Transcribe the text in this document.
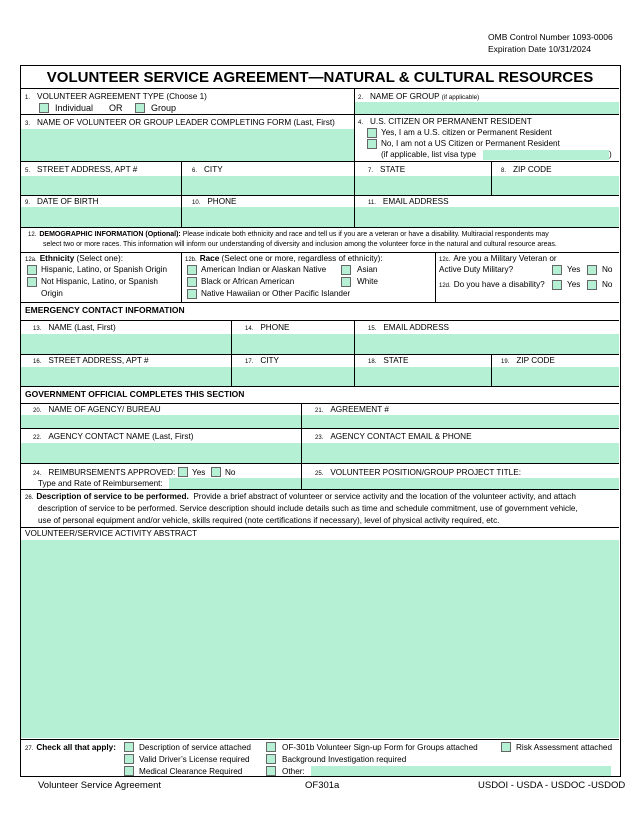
OMB Control Number 1093-0006
Expiration Date 10/31/2024
VOLUNTEER SERVICE AGREEMENT—NATURAL & CULTURAL RESOURCES
1. VOLUNTEER AGREEMENT TYPE (Choose 1)
Individual OR	Group
2. NAME OF GROUP (if applicable)
3. NAME OF VOLUNTEER OR GROUP LEADER COMPLETING FORM (Last, First)	4. U.S. CITIZEN OR PERMANENT RESIDENT
Yes, I am a U.S. citizen or Permanent Resident
No, I am not a US Citizen or Permanent Resident
(if applicable, list visa type	)
5. STREET ADDRESS, APT #	6. CITY	7. STATE	8. ZIP CODE
9. DATE OF BIRTH	10. PHONE	11. EMAIL ADDRESS
12. DEMOGRAPHIC INFORMATION (Optional): Please indicate both ethnicity and race and tell us if you are a veteran or have a disability. Multiracial respondents may
select two or more races. This information will inform our understanding of diversity and inclusion among the volunteer force in the natural and cultural resource areas.
12a. Ethnicity (Select one):
Hispanic, Latino, or Spanish Origin
Not Hispanic, Latino, or Spanish
Origin
12b. Race (Select one or more, regardless of ethnicity):
American Indian or Alaskan Native	Asian
Black or African American	White
Native Hawaiian or Other Pacific Islander
12c. Are you a Military Veteran or
Active Duty Military?	Yes	No
12d. Do you have a disability?	Yes	No
EMERGENCY CONTACT INFORMATION
13. NAME (Last, First)	14. PHONE	15. EMAIL ADDRESS
16. STREET ADDRESS, APT #	17. CITY	18. STATE	19. ZIP CODE
GOVERNMENT OFFICIAL COMPLETES THIS SECTION
20. NAME OF AGENCY/ BUREAU	21. AGREEMENT #
22. AGENCY CONTACT NAME (Last, First)	23. AGENCY CONTACT EMAIL & PHONE
24. REIMBURSEMENTS APPROVED: Yes No
Type and Rate of Reimbursement:
25. VOLUNTEER POSITION/GROUP PROJECT TITLE:
26. Description of service to be performed. Provide a brief abstract of volunteer or service activity and the location of the volunteer activity, and attach
description of service to be performed. Service description should include details such as time and schedule commitment, use of government vehicle,
use of personal equipment and/or vehicle, skills required (note certifications if necessary), level of physical activity required, etc.
VOLUNTEER/SERVICE ACTIVITY ABSTRACT
27. Check all that apply:	Description of service attached	OF-301b Volunteer Sign-up Form for Groups attached	Risk Assessment attached
Valid Driver’s License required	Background Investigation required
Medical Clearance Required	Other:
Volunteer Service Agreement	OF301a	USDOI - USDA - USDOC -USDOD
